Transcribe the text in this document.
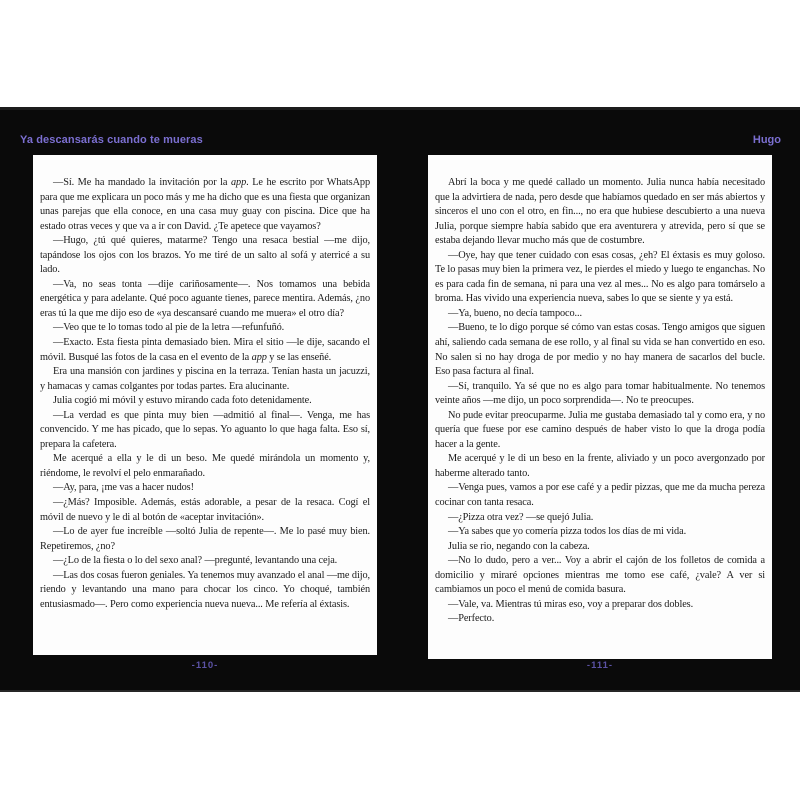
Ya descansarás cuando te mueras	Hugo

—Sí. Me ha mandado la invitación por la app. Le he escrito por WhatsApp para que me explicara un poco más y me ha dicho que es una fiesta que organizan unas parejas que ella conoce, en una casa muy guay con piscina. Dice que ha estado otras veces y que va a ir con David. ¿Te apetece que vayamos?

—Hugo, ¿tú qué quieres, matarme? Tengo una resaca bestial —me dijo, tapándose los ojos con los brazos. Yo me tiré de un salto al sofá y aterricé a su lado.

—Va, no seas tonta —dije cariñosamente—. Nos tomamos una bebida energética y para adelante. Qué poco aguante tienes, parece mentira. Además, ¿no eras tú la que me dijo eso de «ya descansaré cuando me muera» el otro día?

—Veo que te lo tomas todo al pie de la letra —refunfuñó.

—Exacto. Esta fiesta pinta demasiado bien. Mira el sitio —le dije, sacando el móvil. Busqué las fotos de la casa en el evento de la app y se las enseñé.

Era una mansión con jardines y piscina en la terraza. Tenían hasta un jacuzzi, y hamacas y camas colgantes por todas partes. Era alucinante.

Julia cogió mi móvil y estuvo mirando cada foto detenidamente.

—La verdad es que pinta muy bien —admitió al final—. Venga, me has convencido. Y me has picado, que lo sepas. Yo aguanto lo que haga falta. Eso sí, prepara la cafetera.

Me acerqué a ella y le di un beso. Me quedé mirándola un momento y, riéndome, le revolví el pelo enmarañado.

—Ay, para, ¡me vas a hacer nudos!

—¿Más? Imposible. Además, estás adorable, a pesar de la resaca. Cogí el móvil de nuevo y le di al botón de «aceptar invitación».

—Lo de ayer fue increíble —soltó Julia de repente—. Me lo pasé muy bien. Repetiremos, ¿no?

—¿Lo de la fiesta o lo del sexo anal? —pregunté, levantando una ceja.

—Las dos cosas fueron geniales. Ya tenemos muy avanzado el anal —me dijo, riendo y levantando una mano para chocar los cinco. Yo choqué, también entusiasmado—. Pero como experiencia nueva nueva... Me refería al éxtasis.

Abrí la boca y me quedé callado un momento. Julia nunca había necesitado que la advirtiera de nada, pero desde que habíamos quedado en ser más abiertos y sinceros el uno con el otro, en fin..., no era que hubiese descubierto a una nueva Julia, porque siempre había sabido que era aventurera y atrevida, pero sí que se estaba dejando llevar mucho más que de costumbre.

—Oye, hay que tener cuidado con esas cosas, ¿eh? El éxtasis es muy goloso. Te lo pasas muy bien la primera vez, le pierdes el miedo y luego te enganchas. No es para cada fin de semana, ni para una vez al mes... No es algo para tomárselo a broma. Has vivido una experiencia nueva, sabes lo que se siente y ya está.

—Ya, bueno, no decía tampoco...

—Bueno, te lo digo porque sé cómo van estas cosas. Tengo amigos que siguen ahí, saliendo cada semana de ese rollo, y al final su vida se han convertido en eso. No salen si no hay droga de por medio y no hay manera de sacarlos del bucle. Eso pasa factura al final.

—Sí, tranquilo. Ya sé que no es algo para tomar habitualmente. No tenemos veinte años —me dijo, un poco sorprendida—. No te preocupes.

No pude evitar preocuparme. Julia me gustaba demasiado tal y como era, y no quería que fuese por ese camino después de haber visto lo que la droga podía hacer a la gente.

Me acerqué y le di un beso en la frente, aliviado y un poco avergonzado por haberme alterado tanto.

—Venga pues, vamos a por ese café y a pedir pizzas, que me da mucha pereza cocinar con tanta resaca.

—¿Pizza otra vez? —se quejó Julia.

—Ya sabes que yo comería pizza todos los días de mi vida.

Julia se rio, negando con la cabeza.

—No lo dudo, pero a ver... Voy a abrir el cajón de los folletos de comida a domicilio y miraré opciones mientras me tomo ese café, ¿vale? A ver si cambiamos un poco el menú de comida basura.

—Vale, va. Mientras tú miras eso, voy a preparar dos dobles.

—Perfecto.

-110-	-111-
